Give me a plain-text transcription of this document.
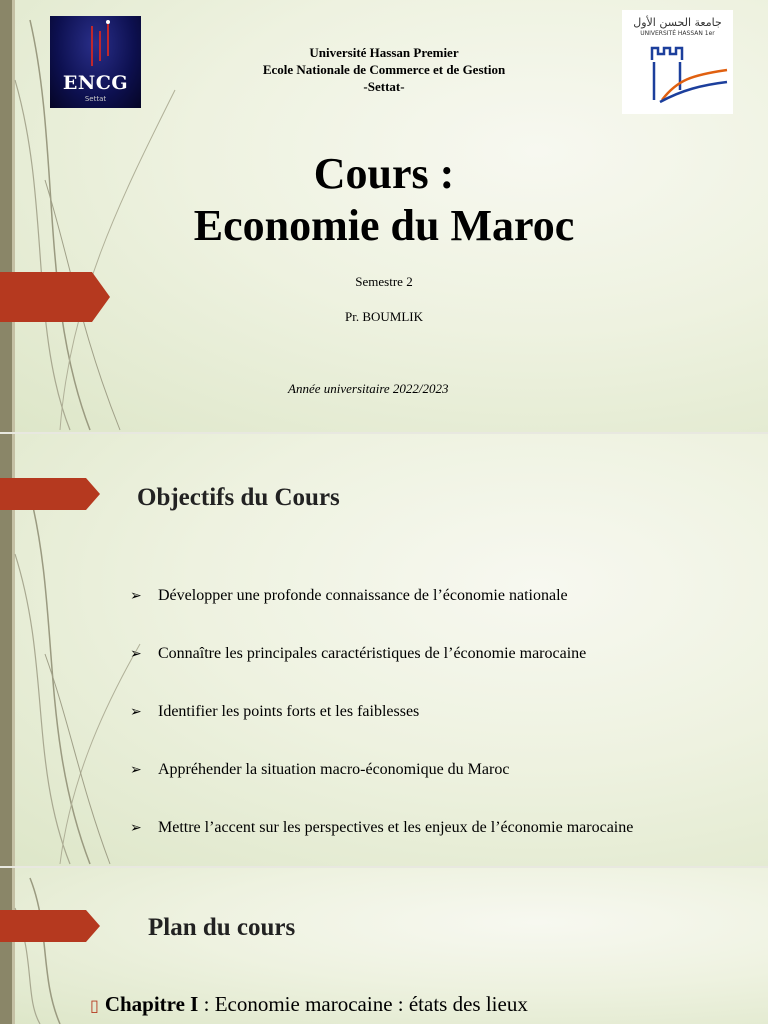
ENCG
Settat
جامعة الحسن الأول
UNIVERSITÉ HASSAN 1er
Université Hassan Premier
Ecole Nationale de Commerce et de Gestion
-Settat-
Cours :
Economie du Maroc
Semestre 2
Pr. BOUMLIK
Année universitaire 2022/2023
Objectifs du Cours
➢ Développer une profonde connaissance de l’économie nationale
➢ Connaître les principales caractéristiques de l’économie marocaine
➢ Identifier les points forts et les faiblesses
➢ Appréhender la situation macro-économique du Maroc
➢ Mettre l’accent sur les perspectives et les enjeux de l’économie marocaine
Plan du cours
▯ Chapitre I : Economie marocaine : états des lieux
